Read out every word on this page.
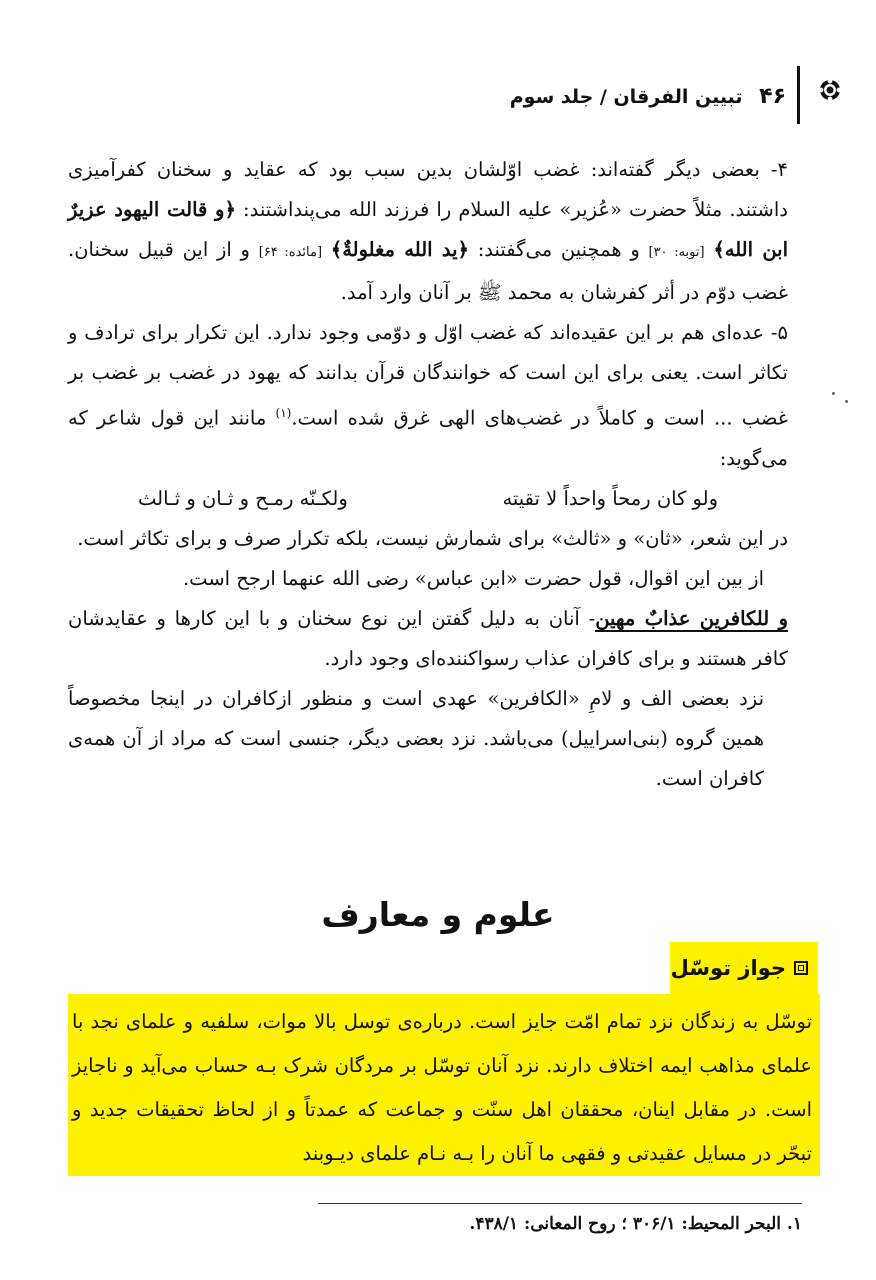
۴۶ تبیین الفرقان / جلد سوم

۴- بعضی دیگر گفته‌اند: غضب اوّلشان بدین سبب بود که عقاید و سخنان کفرآمیزی داشتند. مثلاً حضرت «عُزیر» علیه السلام را فرزند الله می‌پنداشتند: ﴿و قالت الیهود عزیرٌ ابن الله﴾ [توبه: ۳۰] و همچنین می‌گفتند: ﴿ید الله مغلولةٌ﴾ [مائده: ۶۴] و از این قبیل سخنان. غضب دوّم در أثر کفرشان به محمد ﷺ بر آنان وارد آمد.

۵- عده‌ای هم بر این عقیده‌اند که غضب اوّل و دوّمی وجود ندارد. این تکرار برای ترادف و تکاثر است. یعنی برای این است که خوانندگان قرآن بدانند که یهود در غضب بر غضب بر غضب ... است و کاملاً در غضب‌های الهی غرق شده است.$^{(۱)}$ مانند این قول شاعر که می‌گوید:

ولو کان رمحاً واحداً لا تقیته
ولکـنّه رمـح و ثـان و ثـالث

در این شعر، «ثان» و «ثالث» برای شمارش نیست، بلکه تکرار صرف و برای تکاثر است.

از بین این اقوال، قول حضرت «ابن عباس» رضی الله عنهما ارجح است.

و للکافرین عذابٌ مهین- آنان به دلیل گفتن این نوع سخنان و با این کارها و عقایدشان کافر هستند و برای کافران عذاب رسواکننده‌ای وجود دارد.

نزد بعضی الف و لامِ «الکافرین» عهدی است و منظور ازکافران در اینجا مخصوصاً همین گروه (بنی‌اسراییل) می‌باشد. نزد بعضی دیگر، جنسی است که مراد از آن همه‌ی کافران است.

علوم و معارف
جواز توسّل

توسّل به زندگان نزد تمام امّت جایز است. درباره‌ی توسل بالا موات، سلفیه و علمای نجد با علمای مذاهب ایمه اختلاف دارند. نزد آنان توسّل بر مردگان شرک بـه حساب می‌آید و ناجایز است. در مقابل اینان، محققان اهل سنّت و جماعت که عمدتاً و از لحاظ تحقیقات جدید و تبحّر در مسایل عقیدتی و فقهی ما آنان را بـه نـام علمای دیـوبند

۱. البحر المحیط: ۳۰۶/۱ ؛ روح المعانی: ۴۳۸/۱.
